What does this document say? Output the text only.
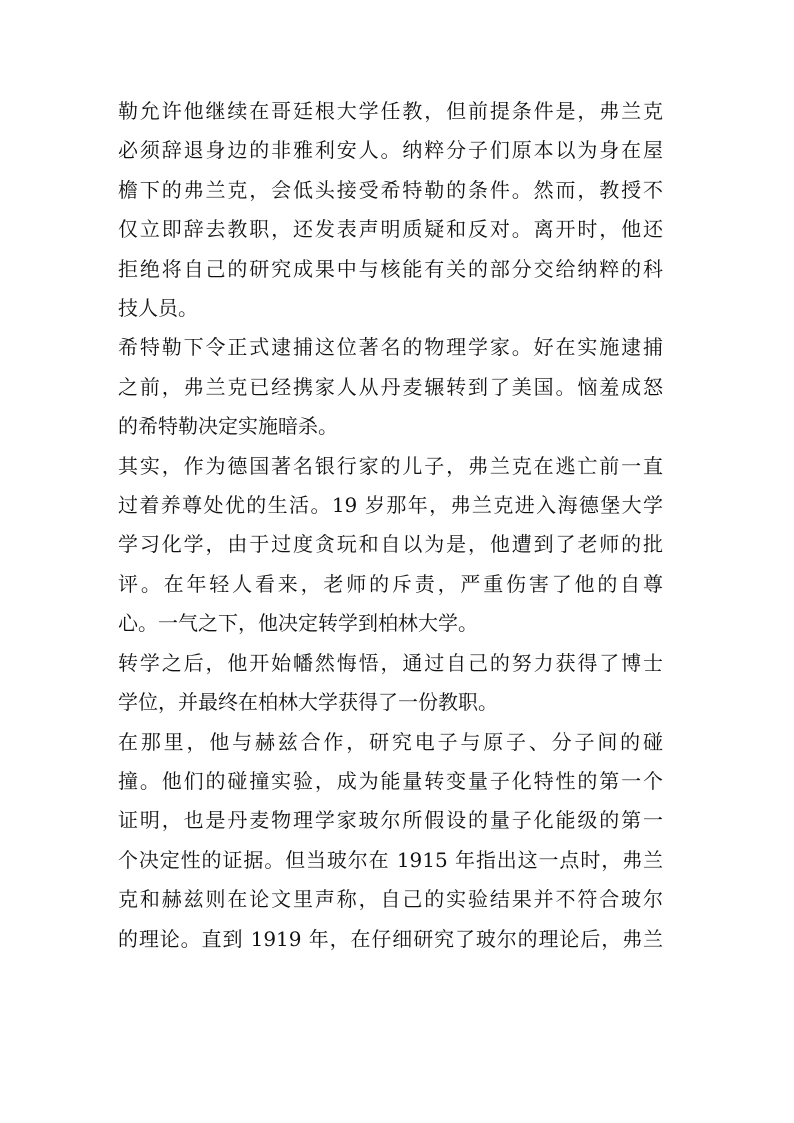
勒允许他继续在哥廷根大学任教，但前提条件是，弗兰克
必须辞退身边的非雅利安人。纳粹分子们原本以为身在屋
檐下的弗兰克，会低头接受希特勒的条件。然而，教授不
仅立即辞去教职，还发表声明质疑和反对。离开时，他还
拒绝将自己的研究成果中与核能有关的部分交给纳粹的科
技人员。

希特勒下令正式逮捕这位著名的物理学家。好在实施逮捕
之前，弗兰克已经携家人从丹麦辗转到了美国。恼羞成怒
的希特勒决定实施暗杀。

其实，作为德国著名银行家的儿子，弗兰克在逃亡前一直
过着养尊处优的生活。19 岁那年，弗兰克进入海德堡大学
学习化学，由于过度贪玩和自以为是，他遭到了老师的批
评。在年轻人看来，老师的斥责，严重伤害了他的自尊
心。一气之下，他决定转学到柏林大学。

转学之后，他开始幡然悔悟，通过自己的努力获得了博士
学位，并最终在柏林大学获得了一份教职。

在那里，他与赫兹合作，研究电子与原子、分子间的碰
撞。他们的碰撞实验，成为能量转变量子化特性的第一个
证明，也是丹麦物理学家玻尔所假设的量子化能级的第一
个决定性的证据。但当玻尔在 1915 年指出这一点时，弗兰
克和赫兹则在论文里声称，自己的实验结果并不符合玻尔
的理论。直到 1919 年，在仔细研究了玻尔的理论后，弗兰
